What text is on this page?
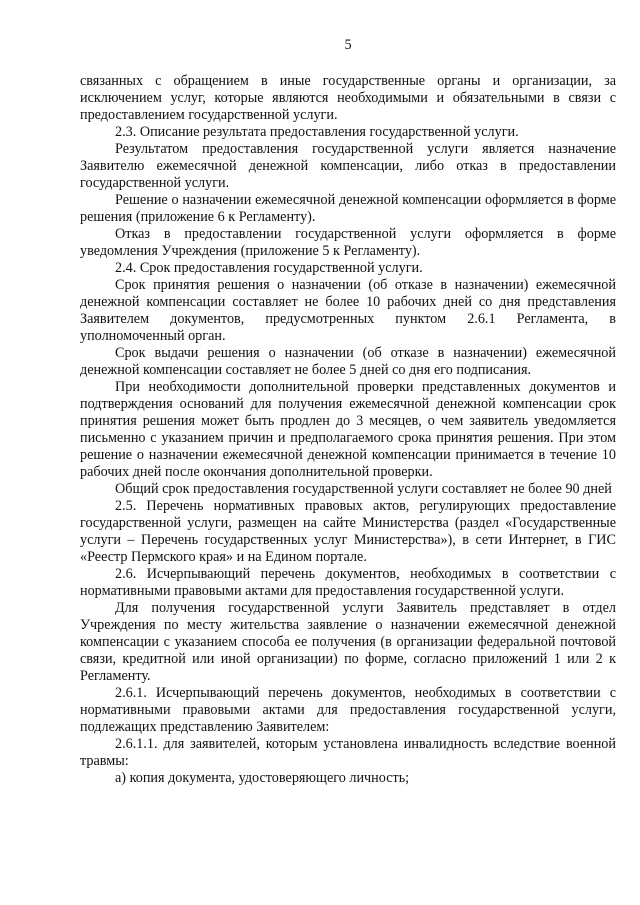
5

связанных с обращением в иные государственные органы и организации, за исключением услуг, которые являются необходимыми и обязательными в связи с предоставлением государственной услуги.

2.3. Описание результата предоставления государственной услуги.

Результатом предоставления государственной услуги является назначение Заявителю ежемесячной денежной компенсации, либо отказ в предоставлении государственной услуги.

Решение о назначении ежемесячной денежной компенсации оформляется в форме решения (приложение 6 к Регламенту).

Отказ в предоставлении государственной услуги оформляется в форме уведомления Учреждения (приложение 5 к Регламенту).

2.4. Срок предоставления государственной услуги.

Срок принятия решения о назначении (об отказе в назначении) ежемесячной денежной компенсации составляет не более 10 рабочих дней со дня представления Заявителем документов, предусмотренных пунктом 2.6.1 Регламента, в уполномоченный орган.

Срок выдачи решения о назначении (об отказе в назначении) ежемесячной денежной компенсации составляет не более 5 дней со дня его подписания.

При необходимости дополнительной проверки представленных документов и подтверждения оснований для получения ежемесячной денежной компенсации срок принятия решения может быть продлен до 3 месяцев, о чем заявитель уведомляется письменно с указанием причин и предполагаемого срока принятия решения. При этом решение о назначении ежемесячной денежной компенсации принимается в течение 10 рабочих дней после окончания дополнительной проверки.

Общий срок предоставления государственной услуги составляет не более 90 дней

2.5. Перечень нормативных правовых актов, регулирующих предоставление государственной услуги, размещен на сайте Министерства (раздел «Государственные услуги – Перечень государственных услуг Министерства»), в сети Интернет, в ГИС «Реестр Пермского края» и на Едином портале.

2.6. Исчерпывающий перечень документов, необходимых в соответствии с нормативными правовыми актами для предоставления государственной услуги.

Для получения государственной услуги Заявитель представляет в отдел Учреждения по месту жительства заявление о назначении ежемесячной денежной компенсации с указанием способа ее получения (в организации федеральной почтовой связи, кредитной или иной организации) по форме, согласно приложений 1 или 2 к Регламенту.

2.6.1. Исчерпывающий перечень документов, необходимых в соответствии с нормативными правовыми актами для предоставления государственной услуги, подлежащих представлению Заявителем:

2.6.1.1. для заявителей, которым установлена инвалидность вследствие военной травмы:

а) копия документа, удостоверяющего личность;
